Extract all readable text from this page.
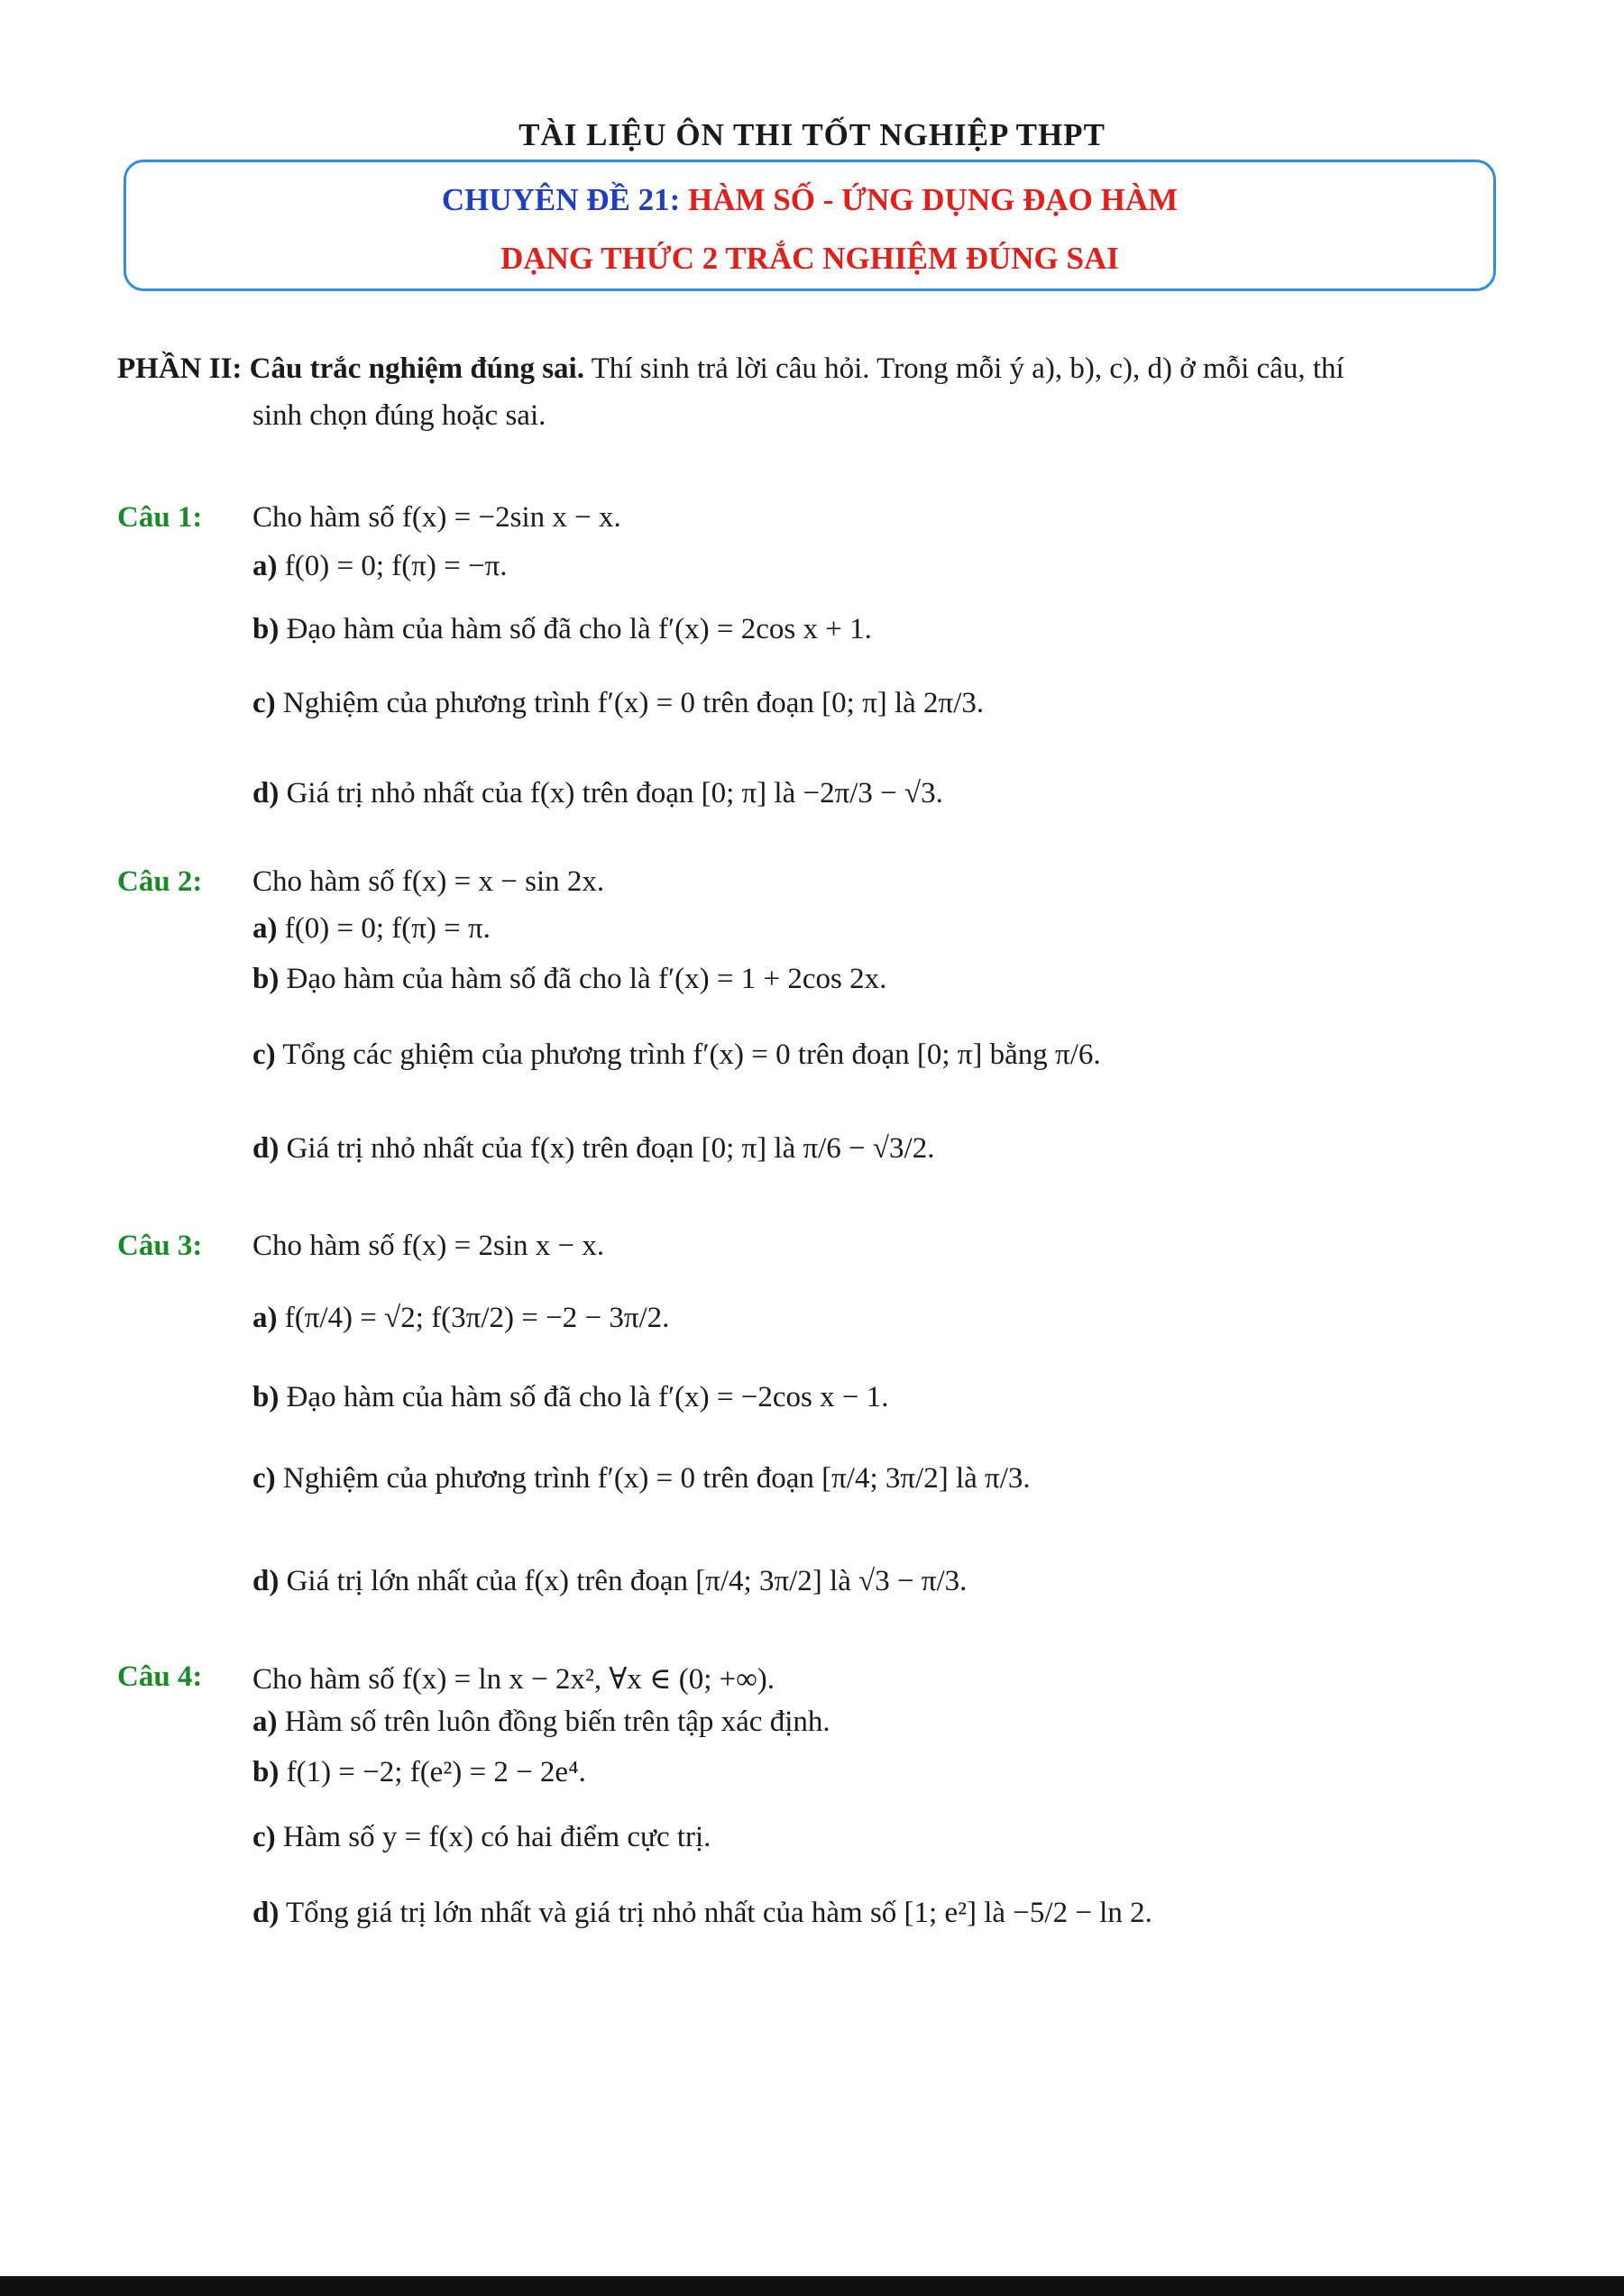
TÀI LIỆU ÔN THI TỐT NGHIỆP THPT
CHUYÊN ĐỀ 21: HÀM SỐ - ỨNG DỤNG ĐẠO HÀM
DẠNG THỨC 2 TRẮC NGHIỆM ĐÚNG SAI
PHẦN II: Câu trắc nghiệm đúng sai. Thí sinh trả lời câu hỏi. Trong mỗi ý a), b), c), d) ở mỗi câu, thí
sinh chọn đúng hoặc sai.
Câu 1: Cho hàm số f(x) = −2sin x − x.
a) f(0) = 0; f(π) = −π.
b) Đạo hàm của hàm số đã cho là f′(x) = 2cos x + 1.
c) Nghiệm của phương trình f′(x) = 0 trên đoạn [0; π] là 2π/3.
d) Giá trị nhỏ nhất của f(x) trên đoạn [0; π] là −2π/3 − √3.
Câu 2: Cho hàm số f(x) = x − sin 2x.
a) f(0) = 0; f(π) = π.
b) Đạo hàm của hàm số đã cho là f′(x) = 1 + 2cos 2x.
c) Tổng các ghiệm của phương trình f′(x) = 0 trên đoạn [0; π] bằng π/6.
d) Giá trị nhỏ nhất của f(x) trên đoạn [0; π] là π/6 − √3/2.
Câu 3: Cho hàm số f(x) = 2sin x − x.
a) f(π/4) = √2; f(3π/2) = −2 − 3π/2.
b) Đạo hàm của hàm số đã cho là f′(x) = −2cos x − 1.
c) Nghiệm của phương trình f′(x) = 0 trên đoạn [π/4; 3π/2] là π/3.
d) Giá trị lớn nhất của f(x) trên đoạn [π/4; 3π/2] là √3 − π/3.
Câu 4: Cho hàm số f(x) = ln x − 2x², ∀x ∈ (0; +∞).
a) Hàm số trên luôn đồng biến trên tập xác định.
b) f(1) = −2; f(e²) = 2 − 2e⁴.
c) Hàm số y = f(x) có hai điểm cực trị.
d) Tổng giá trị lớn nhất và giá trị nhỏ nhất của hàm số [1; e²] là −5/2 − ln 2.
